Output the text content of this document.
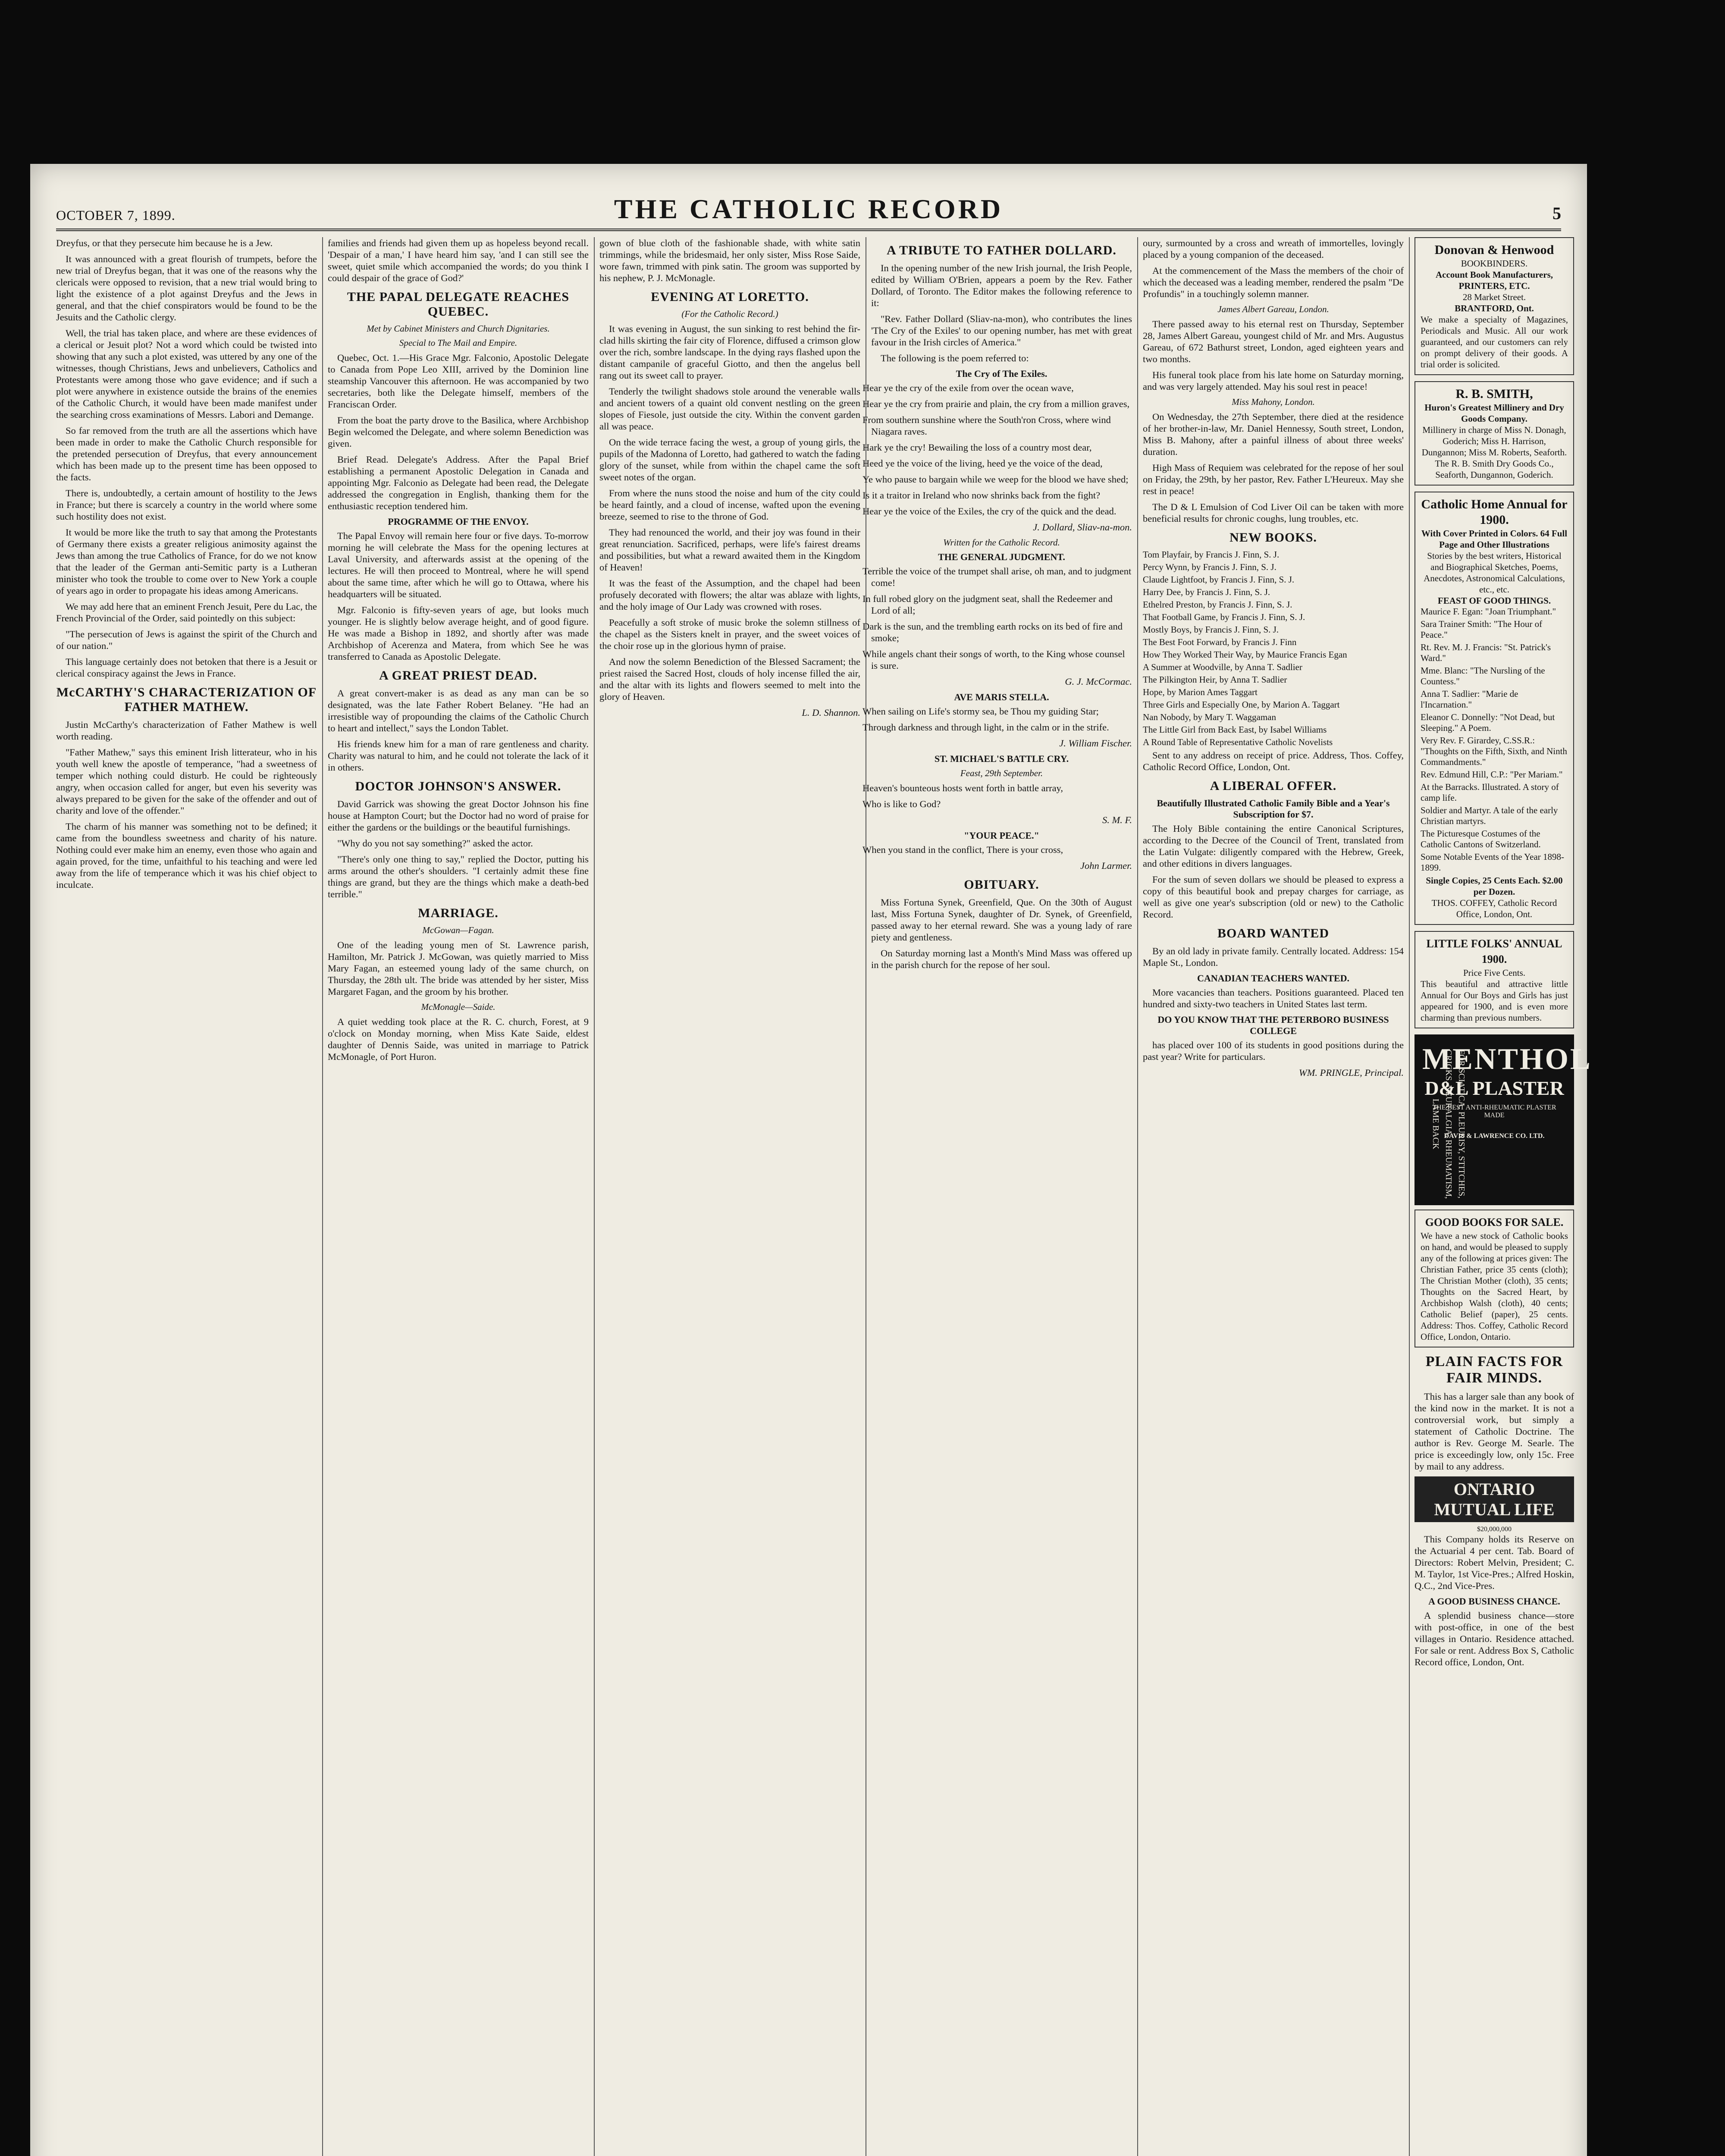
OCTOBER 7, 1899.	THE CATHOLIC RECORD	5

Dreyfus, or that they persecute him because he is a Jew.

It was announced with a great flourish of trumpets, before the new trial of Dreyfus began, that it was one of the reasons why the clericals were opposed to revision, that a new trial would bring to light the existence of a plot against Dreyfus and the Jews in general, and that the chief conspirators would be found to be the Jesuits and the Catholic clergy.

Well, the trial has taken place, and where are these evidences of a clerical or Jesuit plot? Not a word which could be twisted into showing that any such a plot existed, was uttered by any one of the witnesses, though Christians, Jews and unbelievers, Catholics and Protestants were among those who gave evidence; and if such a plot were anywhere in existence outside the brains of the enemies of the Catholic Church, it would have been made manifest under the searching cross examinations of Messrs. Labori and Demange.

So far removed from the truth are all the assertions which have been made in order to make the Catholic Church responsible for the pretended persecution of Dreyfus, that every announcement which has been made up to the present time has been opposed to the facts.

There is, undoubtedly, a certain amount of hostility to the Jews in France; but there is scarcely a country in the world where some such hostility does not exist.

It would be more like the truth to say that among the Protestants of Germany there exists a greater religious animosity against the Jews than among the true Catholics of France, for do we not know that the leader of the German anti-Semitic party is a Lutheran minister who took the trouble to come over to New York a couple of years ago in order to propagate his ideas among Americans.

We may add here that an eminent French Jesuit, Pere du Lac, the French Provincial of the Order, said pointedly on this subject:

"The persecution of Jews is against the spirit of the Church and of our nation."

This language certainly does not betoken that there is a Jesuit or clerical conspiracy against the Jews in France.

McCARTHY'S CHARACTERIZATION OF FATHER MATHEW.

Justin McCarthy's characterization of Father Mathew is well worth reading.

"Father Mathew," says this eminent Irish litterateur, who in his youth well knew the apostle of temperance, "had a sweetness of temper which nothing could disturb. He could be righteously angry, when occasion called for anger, but even his severity was always prepared to be given for the sake of the offender and out of charity and love of the offender."

The charm of his manner was something not to be defined; it came from the boundless sweetness and charity of his nature. Nothing could ever make him an enemy, even those who again and again proved, for the time, unfaithful to his teaching and were led away from the life of temperance which it was his chief object to inculcate.

families and friends had given them up as hopeless beyond recall. 'Despair of a man,' I have heard him say, 'and I can still see the sweet, quiet smile which accompanied the words; do you think I could despair of the grace of God?'

THE PAPAL DELEGATE REACHES QUEBEC.
Met by Cabinet Ministers and Church Dignitaries.
Special to The Mail and Empire.

Quebec, Oct. 1.—His Grace Mgr. Falconio, Apostolic Delegate to Canada from Pope Leo XIII, arrived by the Dominion line steamship Vancouver this afternoon. He was accompanied by two secretaries, both like the Delegate himself, members of the Franciscan Order.

From the boat the party drove to the Basilica, where Archbishop Begin welcomed the Delegate, and where solemn Benediction was given.

Brief Read. Delegate's Address. After the Papal Brief establishing a permanent Apostolic Delegation in Canada and appointing Mgr. Falconio as Delegate had been read, the Delegate addressed the congregation in English, thanking them for the enthusiastic reception tendered him.

PROGRAMME OF THE ENVOY.

The Papal Envoy will remain here four or five days. To-morrow morning he will celebrate the Mass for the opening lectures at Laval University, and afterwards assist at the opening of the lectures. He will then proceed to Montreal, where he will spend about the same time, after which he will go to Ottawa, where his headquarters will be situated.

Mgr. Falconio is fifty-seven years of age, but looks much younger. He is slightly below average height, and of good figure. He was made a Bishop in 1892, and shortly after was made Archbishop of Acerenza and Matera, from which See he was transferred to Canada as Apostolic Delegate.

A GREAT PRIEST DEAD.

A great convert-maker is as dead as any man can be so designated, was the late Father Robert Belaney. "He had an irresistible way of propounding the claims of the Catholic Church to heart and intellect," says the London Tablet.

His friends knew him for a man of rare gentleness and charity. Charity was natural to him, and he could not tolerate the lack of it in others.

DOCTOR JOHNSON'S ANSWER.

David Garrick was showing the great Doctor Johnson his fine house at Hampton Court; but the Doctor had no word of praise for either the gardens or the buildings or the beautiful furnishings.

"Why do you not say something?" asked the actor.

"There's only one thing to say," replied the Doctor, putting his arms around the other's shoulders. "I certainly admit these fine things are grand, but they are the things which make a death-bed terrible."

MARRIAGE.
McGowan—Fagan.

One of the leading young men of St. Lawrence parish, Hamilton, Mr. Patrick J. McGowan, was quietly married to Miss Mary Fagan, an esteemed young lady of the same church, on Thursday, the 28th ult. The bride was attended by her sister, Miss Margaret Fagan, and the groom by his brother.

McMonagle—Saide.

A quiet wedding took place at the R. C. church, Forest, at 9 o'clock on Monday morning, when Miss Kate Saide, eldest daughter of Dennis Saide, was united in marriage to Patrick McMonagle, of Port Huron.

gown of blue cloth of the fashionable shade, with white satin trimmings, while the bridesmaid, her only sister, Miss Rose Saide, wore fawn, trimmed with pink satin. The groom was supported by his nephew, P. J. McMonagle.

EVENING AT LORETTO.
(For the Catholic Record.)

It was evening in August, the sun sinking to rest behind the fir-clad hills skirting the fair city of Florence, diffused a crimson glow over the rich, sombre landscape. In the dying rays flashed upon the distant campanile of graceful Giotto, and then the angelus bell rang out its sweet call to prayer.

Tenderly the twilight shadows stole around the venerable walls and ancient towers of a quaint old convent nestling on the green slopes of Fiesole, just outside the city. Within the convent garden all was peace.

On the wide terrace facing the west, a group of young girls, the pupils of the Madonna of Loretto, had gathered to watch the fading glory of the sunset, while from within the chapel came the soft sweet notes of the organ.

From where the nuns stood the noise and hum of the city could be heard faintly, and a cloud of incense, wafted upon the evening breeze, seemed to rise to the throne of God.

They had renounced the world, and their joy was found in their great renunciation. Sacrificed, perhaps, were life's fairest dreams and possibilities, but what a reward awaited them in the Kingdom of Heaven!

It was the feast of the Assumption, and the chapel had been profusely decorated with flowers; the altar was ablaze with lights, and the holy image of Our Lady was crowned with roses.

Peacefully a soft stroke of music broke the solemn stillness of the chapel as the Sisters knelt in prayer, and the sweet voices of the choir rose up in the glorious hymn of praise.

And now the solemn Benediction of the Blessed Sacrament; the priest raised the Sacred Host, clouds of holy incense filled the air, and the altar with its lights and flowers seemed to melt into the glory of Heaven.

L. D. Shannon.

A TRIBUTE TO FATHER DOLLARD.

In the opening number of the new Irish journal, the Irish People, edited by William O'Brien, appears a poem by the Rev. Father Dollard, of Toronto. The Editor makes the following reference to it:

"Rev. Father Dollard (Sliav-na-mon), who contributes the lines 'The Cry of the Exiles' to our opening number, has met with great favour in the Irish circles of America."

The following is the poem referred to:

The Cry of The Exiles.

Hear ye the cry of the exile from over the ocean wave,

Hear ye the cry from prairie and plain, the cry from a million graves,

From southern sunshine where the South'ron Cross, where wind Niagara raves.

Hark ye the cry! Bewailing the loss of a country most dear,

Heed ye the voice of the living, heed ye the voice of the dead,

Ye who pause to bargain while we weep for the blood we have shed;

Is it a traitor in Ireland who now shrinks back from the fight?

Hear ye the voice of the Exiles, the cry of the quick and the dead.

J. Dollard, Sliav-na-mon.

Written for the Catholic Record.
THE GENERAL JUDGMENT.

Terrible the voice of the trumpet shall arise, oh man, and to judgment come!

In full robed glory on the judgment seat, shall the Redeemer and Lord of all;

Dark is the sun, and the trembling earth rocks on its bed of fire and smoke;

While angels chant their songs of worth, to the King whose counsel is sure.

G. J. McCormac.

AVE MARIS STELLA.

When sailing on Life's stormy sea, be Thou my guiding Star;

Through darkness and through light, in the calm or in the strife.

J. William Fischer.

ST. MICHAEL'S BATTLE CRY.
Feast, 29th September.

Heaven's bounteous hosts went forth in battle array,

Who is like to God?

S. M. F.

"YOUR PEACE."

When you stand in the conflict, There is your cross,

John Larmer.

OBITUARY.

Miss Fortuna Synek, Greenfield, Que. On the 30th of August last, Miss Fortuna Synek, daughter of Dr. Synek, of Greenfield, passed away to her eternal reward. She was a young lady of rare piety and gentleness.

On Saturday morning last a Month's Mind Mass was offered up in the parish church for the repose of her soul.

oury, surmounted by a cross and wreath of immortelles, lovingly placed by a young companion of the deceased.

At the commencement of the Mass the members of the choir of which the deceased was a leading member, rendered the psalm "De Profundis" in a touchingly solemn manner.

James Albert Gareau, London.

There passed away to his eternal rest on Thursday, September 28, James Albert Gareau, youngest child of Mr. and Mrs. Augustus Gareau, of 672 Bathurst street, London, aged eighteen years and two months.

His funeral took place from his late home on Saturday morning, and was very largely attended. May his soul rest in peace!

Miss Mahony, London.

On Wednesday, the 27th September, there died at the residence of her brother-in-law, Mr. Daniel Hennessy, South street, London, Miss B. Mahony, after a painful illness of about three weeks' duration.

High Mass of Requiem was celebrated for the repose of her soul on Friday, the 29th, by her pastor, Rev. Father L'Heureux. May she rest in peace!

The D & L Emulsion of Cod Liver Oil can be taken with more beneficial results for chronic coughs, lung troubles, etc.

NEW BOOKS.

Tom Playfair, by Francis J. Finn, S. J.

Percy Wynn, by Francis J. Finn, S. J.

Claude Lightfoot, by Francis J. Finn, S. J.

Harry Dee, by Francis J. Finn, S. J.

Ethelred Preston, by Francis J. Finn, S. J.

That Football Game, by Francis J. Finn, S. J.

Mostly Boys, by Francis J. Finn, S. J.

The Best Foot Forward, by Francis J. Finn

How They Worked Their Way, by Maurice Francis Egan

A Summer at Woodville, by Anna T. Sadlier

The Pilkington Heir, by Anna T. Sadlier

Hope, by Marion Ames Taggart

Three Girls and Especially One, by Marion A. Taggart

Nan Nobody, by Mary T. Waggaman

The Little Girl from Back East, by Isabel Williams

A Round Table of Representative Catholic Novelists

Sent to any address on receipt of price. Address, Thos. Coffey, Catholic Record Office, London, Ont.

A LIBERAL OFFER.
Beautifully Illustrated Catholic Family Bible and a Year's Subscription for $7.

The Holy Bible containing the entire Canonical Scriptures, according to the Decree of the Council of Trent, translated from the Latin Vulgate: diligently compared with the Hebrew, Greek, and other editions in divers languages.

For the sum of seven dollars we should be pleased to express a copy of this beautiful book and prepay charges for carriage, as well as give one year's subscription (old or new) to the Catholic Record.

BOARD WANTED

By an old lady in private family. Centrally located. Address: 154 Maple St., London.

CANADIAN TEACHERS WANTED.

More vacancies than teachers. Positions guaranteed. Placed ten hundred and sixty-two teachers in United States last term.

DO YOU KNOW THAT THE PETERBORO BUSINESS COLLEGE

has placed over 100 of its students in good positions during the past year? Write for particulars.

WM. PRINGLE, Principal.

Donovan & Henwood
BOOKBINDERS.
Account Book Manufacturers,
PRINTERS, ETC.
28 Market Street.
BRANTFORD, Ont.
We make a specialty of Magazines, Periodicals and Music. All our work guaranteed, and our customers can rely on prompt delivery of their goods. A trial order is solicited.
R. B. SMITH,
Huron's Greatest Millinery and Dry Goods Company.
Millinery in charge of Miss N. Donagh, Goderich; Miss H. Harrison, Dungannon; Miss M. Roberts, Seaforth.
The R. B. Smith Dry Goods Co., Seaforth, Dungannon, Goderich.
Catholic Home Annual for 1900.
With Cover Printed in Colors. 64 Full Page and Other Illustrations
Stories by the best writers, Historical and Biographical Sketches, Poems, Anecdotes, Astronomical Calculations, etc., etc.
FEAST OF GOOD THINGS.

Maurice F. Egan: "Joan Triumphant."

Sara Trainer Smith: "The Hour of Peace."

Rt. Rev. M. J. Francis: "St. Patrick's Ward."

Mme. Blanc: "The Nursling of the Countess."

Anna T. Sadlier: "Marie de l'Incarnation."

Eleanor C. Donnelly: "Not Dead, but Sleeping." A Poem.

Very Rev. F. Girardey, C.SS.R.: "Thoughts on the Fifth, Sixth, and Ninth Commandments."

Rev. Edmund Hill, C.P.: "Per Mariam."

At the Barracks. Illustrated. A story of camp life.

Soldier and Martyr. A tale of the early Christian martyrs.

The Picturesque Costumes of the Catholic Cantons of Switzerland.

Some Notable Events of the Year 1898-1899.

Single Copies, 25 Cents Each. $2.00 per Dozen.
THOS. COFFEY, Catholic Record Office, London, Ont.
LITTLE FOLKS' ANNUAL 1900.
Price Five Cents.
This beautiful and attractive little Annual for Our Boys and Girls has just appeared for 1900, and is even more charming than previous numbers.
FOR SCIATICA, PLEURISY, STITCHES, CRICKS, NEURALGIA, RHEUMATISM, LAME BACK
MENTHOL
D&L PLASTER
THE BEST ANTI-RHEUMATIC PLASTER MADE
DAVIS & LAWRENCE CO. LTD.
GOOD BOOKS FOR SALE.
We have a new stock of Catholic books on hand, and would be pleased to supply any of the following at prices given: The Christian Father, price 35 cents (cloth); The Christian Mother (cloth), 35 cents; Thoughts on the Sacred Heart, by Archbishop Walsh (cloth), 40 cents; Catholic Belief (paper), 25 cents. Address: Thos. Coffey, Catholic Record Office, London, Ontario.
PLAIN FACTS FOR FAIR MINDS.

This has a larger sale than any book of the kind now in the market. It is not a controversial work, but simply a statement of Catholic Doctrine. The author is Rev. George M. Searle. The price is exceedingly low, only 15c. Free by mail to any address.

ONTARIO MUTUAL LIFE
$20,000,000

This Company holds its Reserve on the Actuarial 4 per cent. Tab. Board of Directors: Robert Melvin, President; C. M. Taylor, 1st Vice-Pres.; Alfred Hoskin, Q.C., 2nd Vice-Pres.

A GOOD BUSINESS CHANCE.

A splendid business chance—store with post-office, in one of the best villages in Ontario. Residence attached. For sale or rent. Address Box S, Catholic Record office, London, Ont.
